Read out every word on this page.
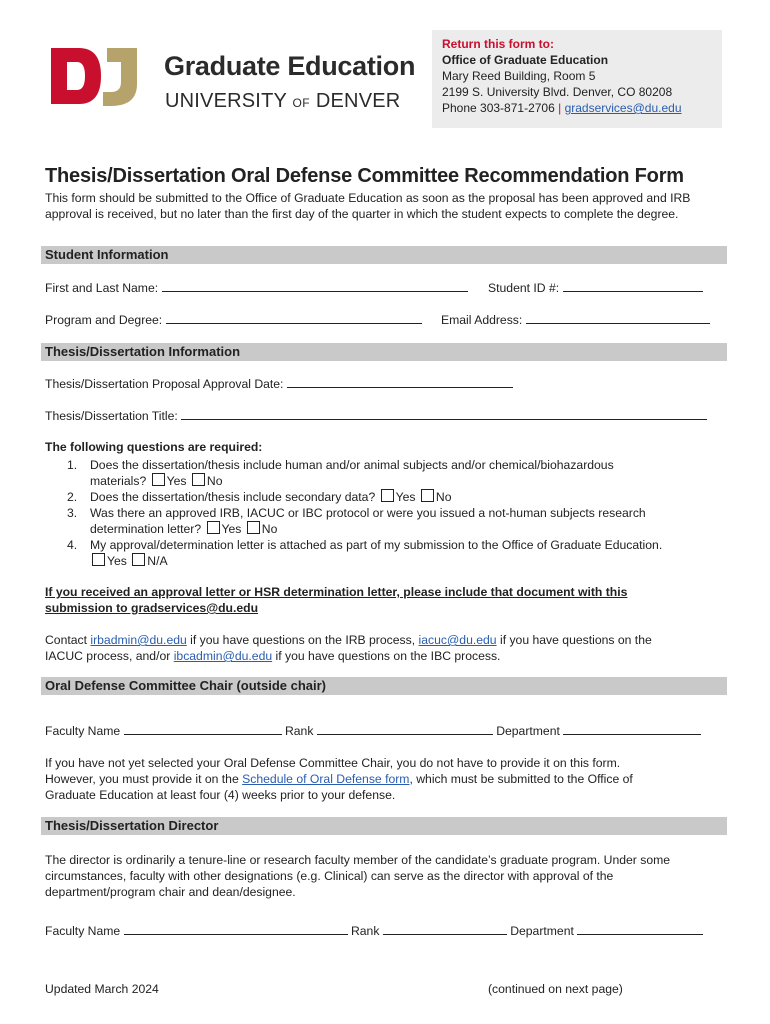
Graduate Education
UNIVERSITY OF DENVER
Return this form to:
Office of Graduate Education
Mary Reed Building, Room 5
2199 S. University Blvd. Denver, CO 80208
Phone 303-871-2706 | gradservices@du.edu
Thesis/Dissertation Oral Defense Committee Recommendation Form
This form should be submitted to the Office of Graduate Education as soon as the proposal has been approved and IRB approval is received, but no later than the first day of the quarter in which the student expects to complete the degree.
Student Information
First and Last Name:	Student ID #:
Program and Degree:	Email Address:
Thesis/Dissertation Information
Thesis/Dissertation Proposal Approval Date:
Thesis/Dissertation Title:
The following questions are required:
1. Does the dissertation/thesis include human and/or animal subjects and/or chemical/biohazardous
materials? Yes No
2. Does the dissertation/thesis include secondary data? Yes No
3. Was there an approved IRB, IACUC or IBC protocol or were you issued a not-human subjects research
determination letter? Yes No
4. My approval/determination letter is attached as part of my submission to the Office of Graduate Education.
Yes N/A
If you received an approval letter or HSR determination letter, please include that document with this
submission to gradservices@du.edu
Contact irbadmin@du.edu if you have questions on the IRB process, iacuc@du.edu if you have questions on the
IACUC process, and/or ibcadmin@du.edu if you have questions on the IBC process.
Oral Defense Committee Chair (outside chair)
Faculty Name	Rank	Department
If you have not yet selected your Oral Defense Committee Chair, you do not have to provide it on this form.
However, you must provide it on the Schedule of Oral Defense form, which must be submitted to the Office of
Graduate Education at least four (4) weeks prior to your defense.
Thesis/Dissertation Director
The director is ordinarily a tenure-line or research faculty member of the candidate’s graduate program. Under some circumstances, faculty with other designations (e.g. Clinical) can serve as the director with approval of the department/program chair and dean/designee.
Faculty Name	Rank	Department
Updated March 2024	(continued on next page)
